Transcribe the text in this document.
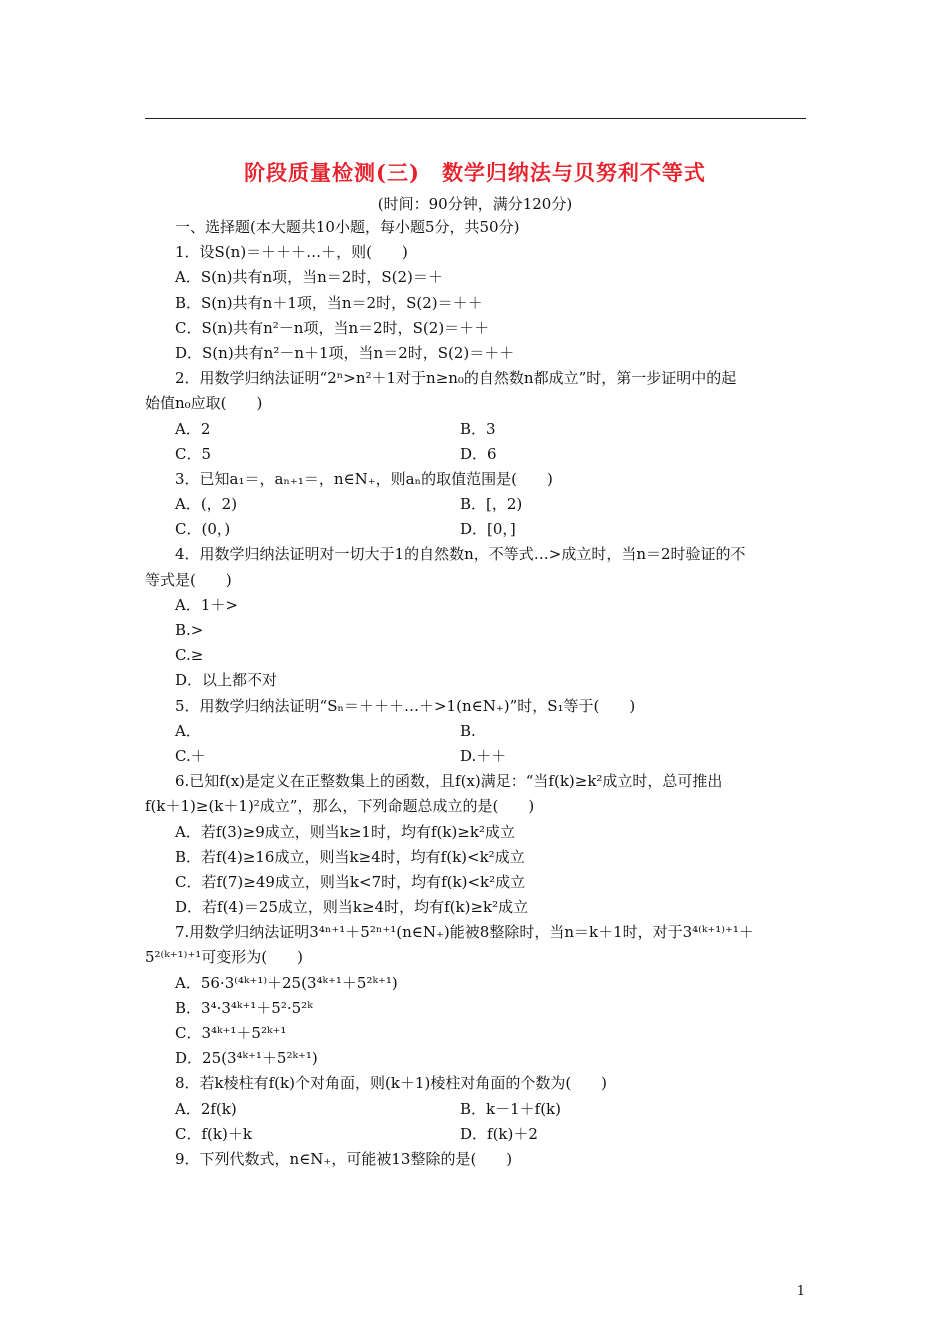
阶段质量检测(三) 数学归纳法与贝努利不等式
(时间：90分钟，满分120分)
一、选择题(本大题共10小题，每小题5分，共50分)
1．设S(n)＝＋＋＋…＋，则(　　)
A．S(n)共有n项，当n＝2时，S(2)＝＋
B．S(n)共有n＋1项，当n＝2时，S(2)＝＋＋
C．S(n)共有n²－n项，当n＝2时，S(2)＝＋＋
D．S(n)共有n²－n＋1项，当n＝2时，S(2)＝＋＋
2．用数学归纳法证明“2ⁿ>n²＋1对于n≥n₀的自然数n都成立”时，第一步证明中的起
始值n₀应取(　　)
A．2	B．3
C．5	D．6
3．已知a₁＝，aₙ₊₁＝，n∈N₊，则aₙ的取值范围是(　　)
A．(，2)	B．[，2)
C．(0，)	D．[0，]
4．用数学归纳法证明对一切大于1的自然数n，不等式…>成立时，当n＝2时验证的不
等式是(　　)
A．1＋>
B.>
C.≥
D．以上都不对
5．用数学归纳法证明“Sₙ＝＋＋＋…＋>1(n∈N₊)”时，S₁等于(　　)
A．	B.
C.＋	D.＋＋
6.已知f(x)是定义在正整数集上的函数，且f(x)满足：“当f(k)≥k²成立时，总可推出
f(k＋1)≥(k＋1)²成立”，那么，下列命题总成立的是(　　)
A．若f(3)≥9成立，则当k≥1时，均有f(k)≥k²成立
B．若f(4)≥16成立，则当k≥4时，均有f(k)<k²成立
C．若f(7)≥49成立，则当k<7时，均有f(k)<k²成立
D．若f(4)＝25成立，则当k≥4时，均有f(k)≥k²成立
7.用数学归纳法证明3⁴ⁿ⁺¹＋5²ⁿ⁺¹(n∈N₊)能被8整除时，当n＝k＋1时，对于3⁴⁽ᵏ⁺¹⁾⁺¹＋
5²⁽ᵏ⁺¹⁾⁺¹可变形为(　　)
A．56·3⁽⁴ᵏ⁺¹⁾＋25(3⁴ᵏ⁺¹＋5²ᵏ⁺¹)
B．3⁴·3⁴ᵏ⁺¹＋5²·5²ᵏ
C．3⁴ᵏ⁺¹＋5²ᵏ⁺¹
D．25(3⁴ᵏ⁺¹＋5²ᵏ⁺¹)
8．若k棱柱有f(k)个对角面，则(k＋1)棱柱对角面的个数为(　　)
A．2f(k)	B．k－1＋f(k)
C．f(k)＋k	D．f(k)＋2
9．下列代数式，n∈N₊，可能被13整除的是(　　)
1
